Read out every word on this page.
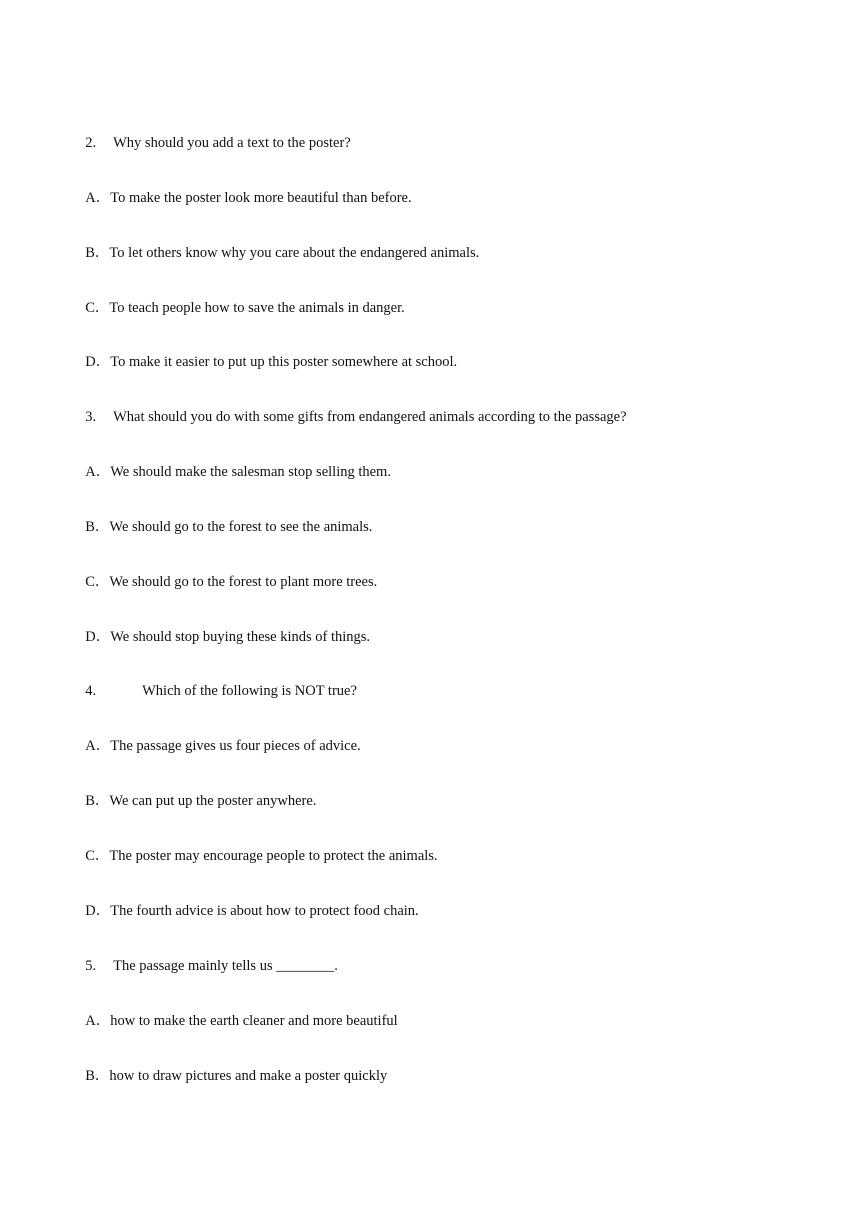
2. Why should you add a text to the poster?

A．To make the poster look more beautiful than before.

B．To let others know why you care about the endangered animals.

C．To teach people how to save the animals in danger.

D．To make it easier to put up this poster somewhere at school.

3. What should you do with some gifts from endangered animals according to the passage?

A．We should make the salesman stop selling them.

B．We should go to the forest to see the animals.

C．We should go to the forest to plant more trees.

D．We should stop buying these kinds of things.

4.	Which of the following is NOT true?

A．The passage gives us four pieces of advice.

B．We can put up the poster anywhere.

C．The poster may encourage people to protect the animals.

D．The fourth advice is about how to protect food chain.

5. The passage mainly tells us ________.

A．how to make the earth cleaner and more beautiful

B．how to draw pictures and make a poster quickly
